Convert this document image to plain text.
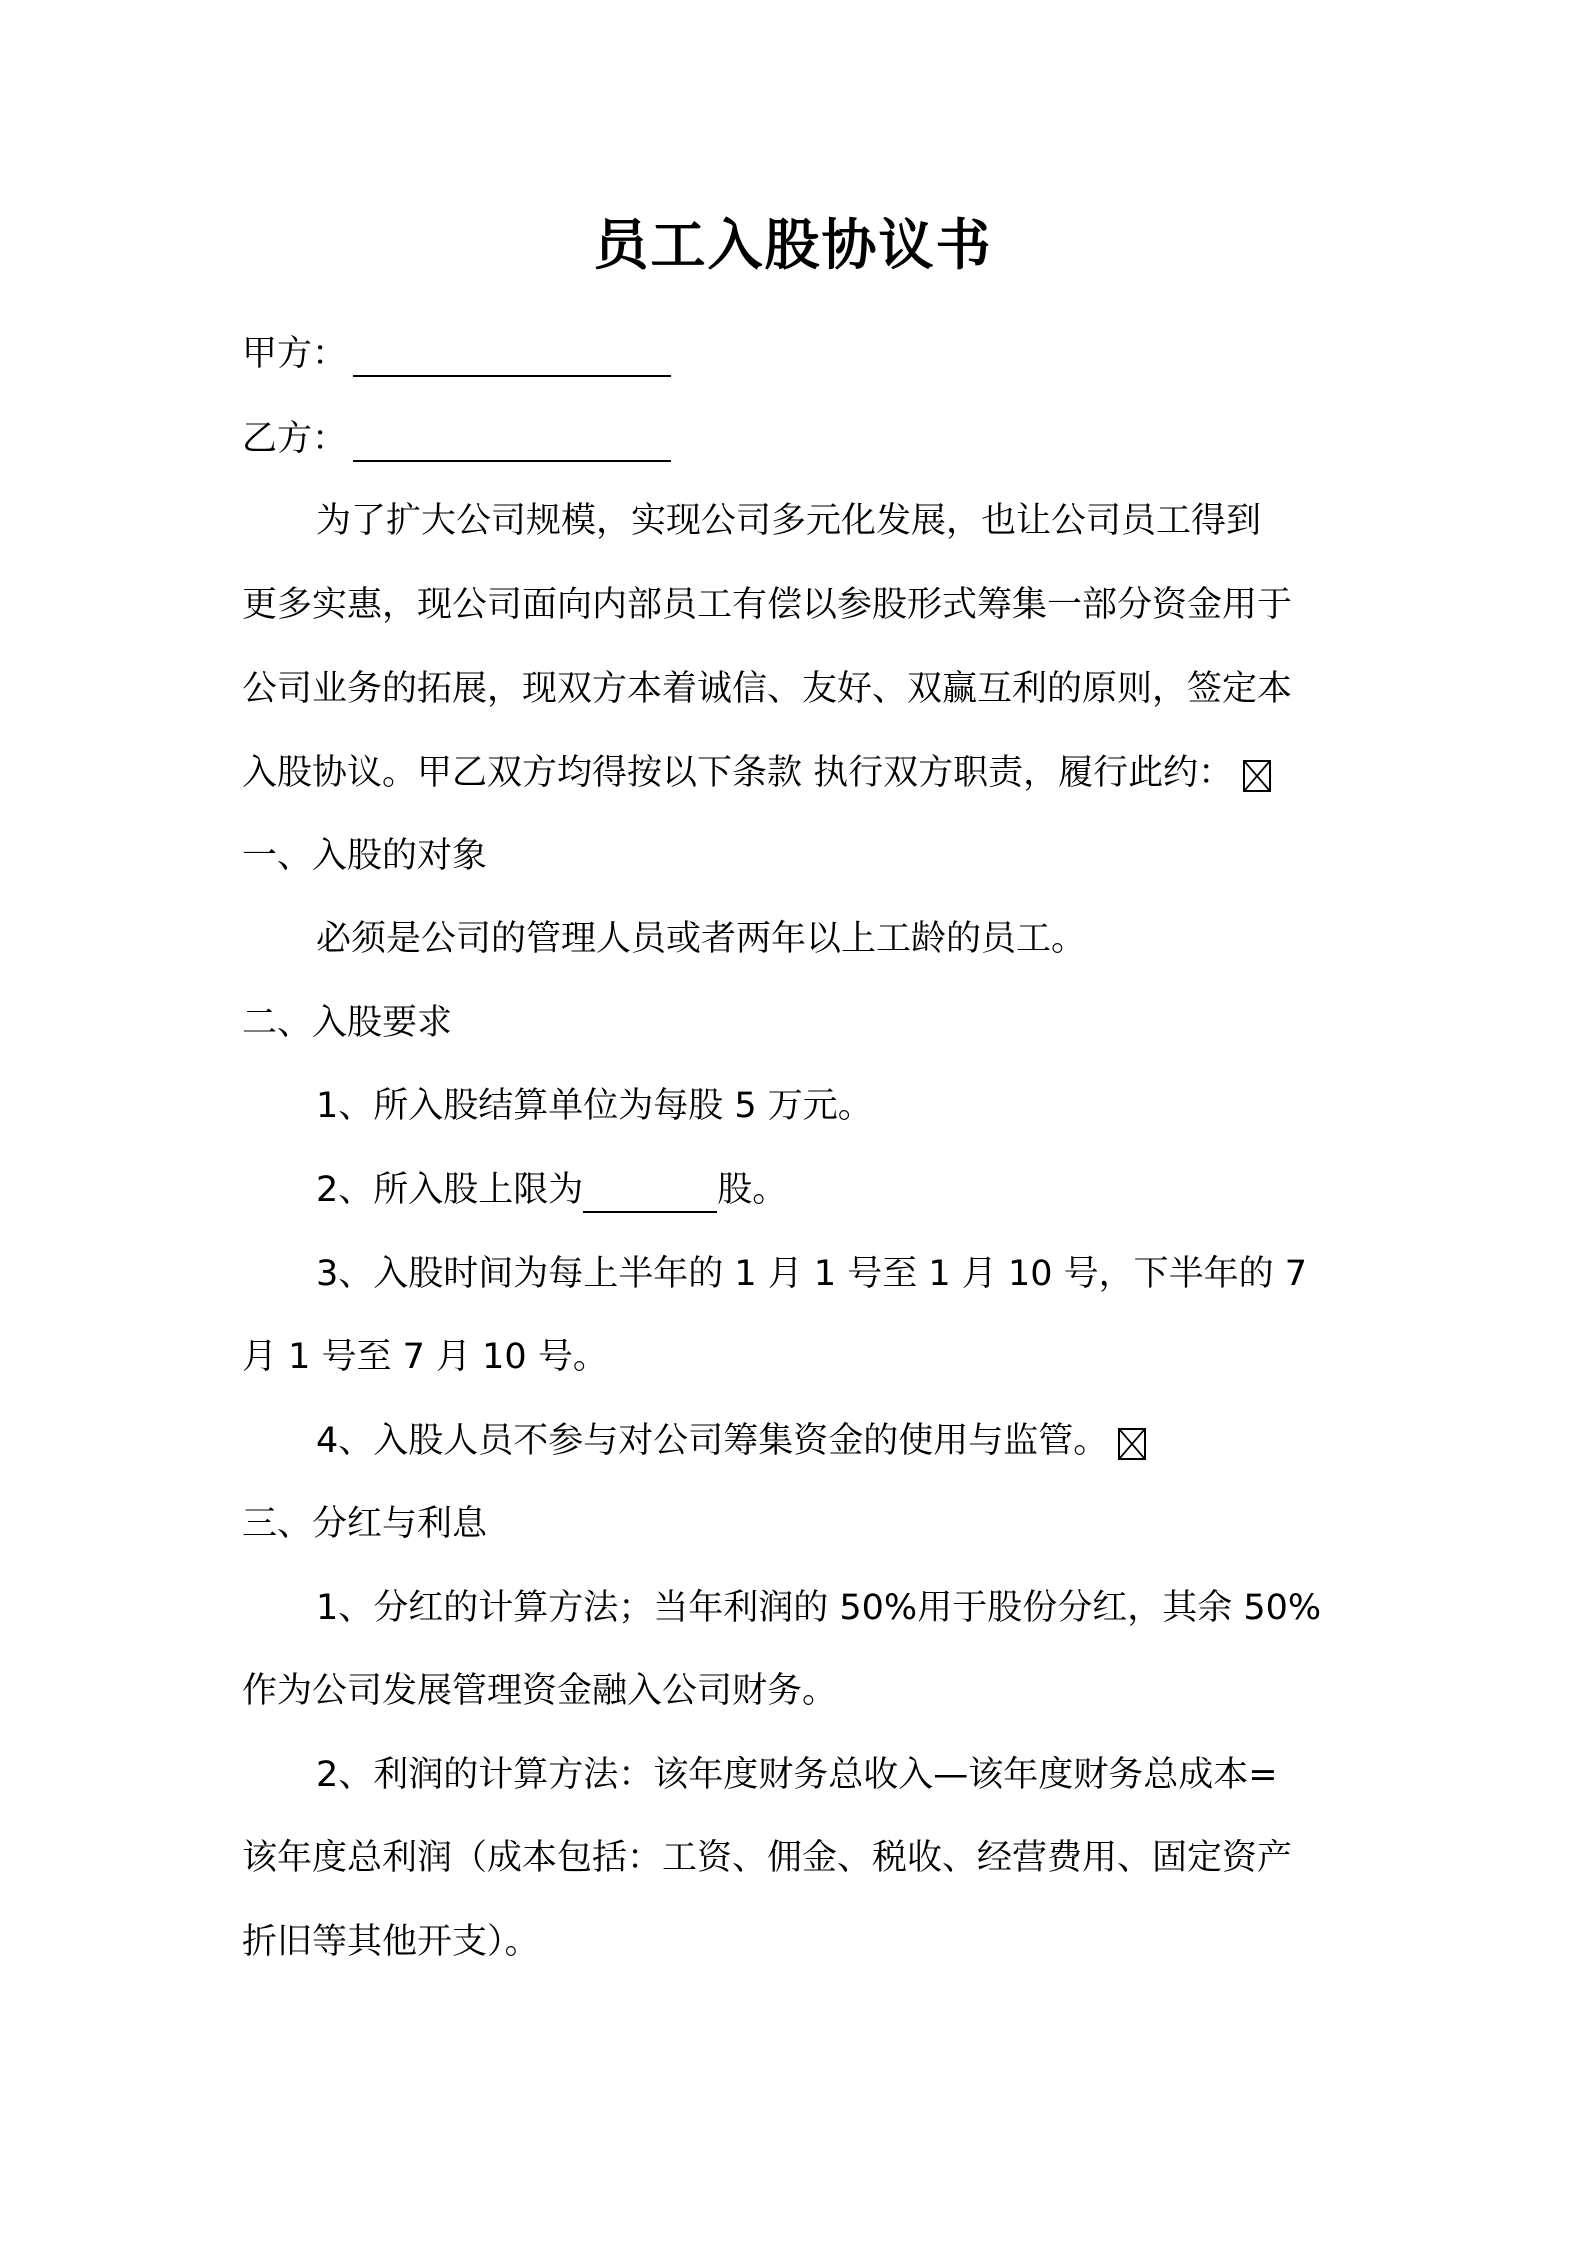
员工入股协议书
甲方：
乙方：
为了扩大公司规模，实现公司多元化发展，也让公司员工得到
更多实惠，现公司面向内部员工有偿以参股形式筹集一部分资金用于
公司业务的拓展，现双方本着诚信、友好、双赢互利的原则，签定本
入股协议。甲乙双方均得按以下条款 执行双方职责，履行此约：
一、入股的对象
必须是公司的管理人员或者两年以上工龄的员工。
二、入股要求
1、所入股结算单位为每股 5 万元。
2、所入股上限为	股。
3、入股时间为每上半年的 1 月 1 号至 1 月 10 号，下半年的 7
月 1 号至 7 月 10 号。
4、入股人员不参与对公司筹集资金的使用与监管。
三、分红与利息
1、分红的计算方法；当年利润的 50%用于股份分红，其余 50%
作为公司发展管理资金融入公司财务。
2、利润的计算方法：该年度财务总收入—该年度财务总成本=
该年度总利润（成本包括：工资、佣金、税收、经营费用、固定资产
折旧等其他开支）。
